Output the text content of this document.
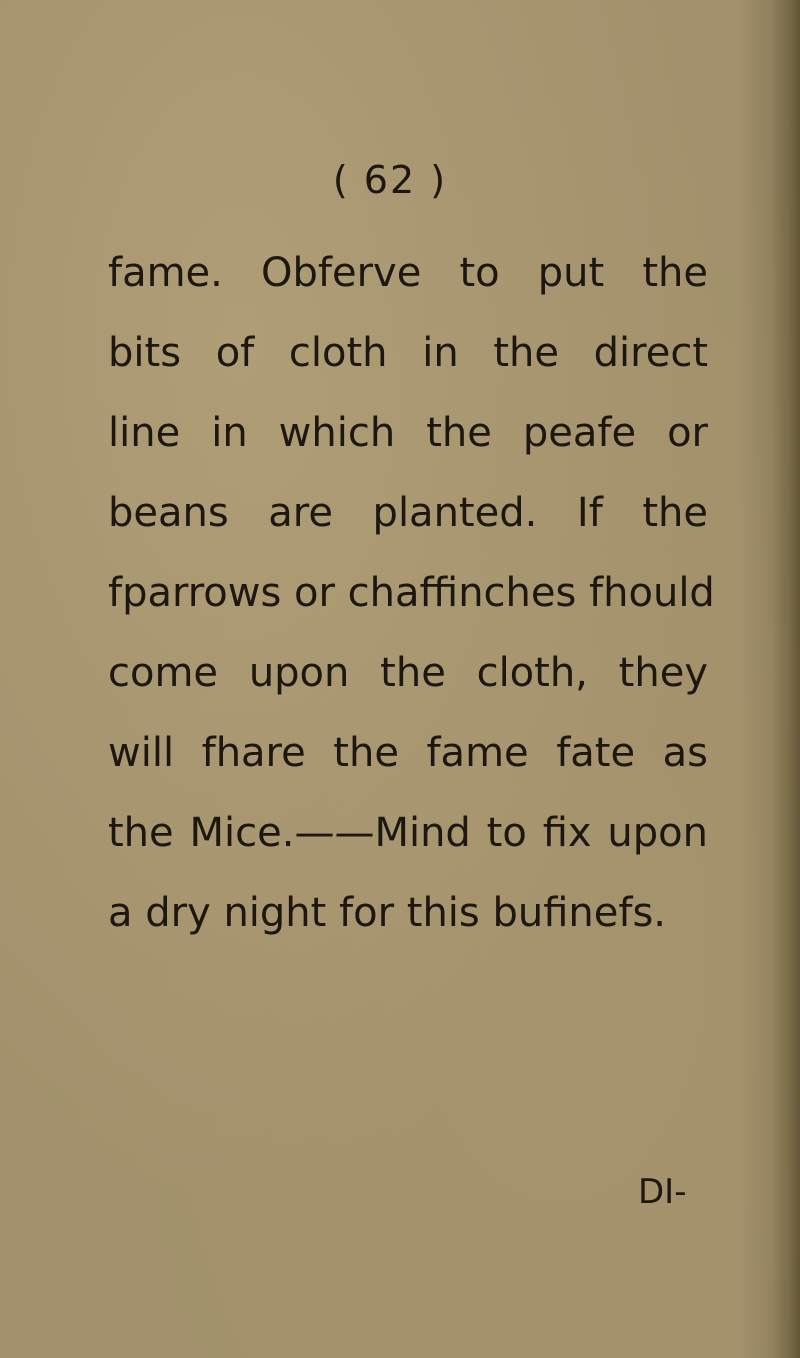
( 62 )
fame. Obferve to put the
bits of cloth in the direct
line in which the peafe or
beans are planted. If the
fparrows or chaffinches fhould
come upon the cloth, they
will fhare the fame fate as
the Mice.——Mind to fix upon
a dry night for this bufinefs.
DI-
